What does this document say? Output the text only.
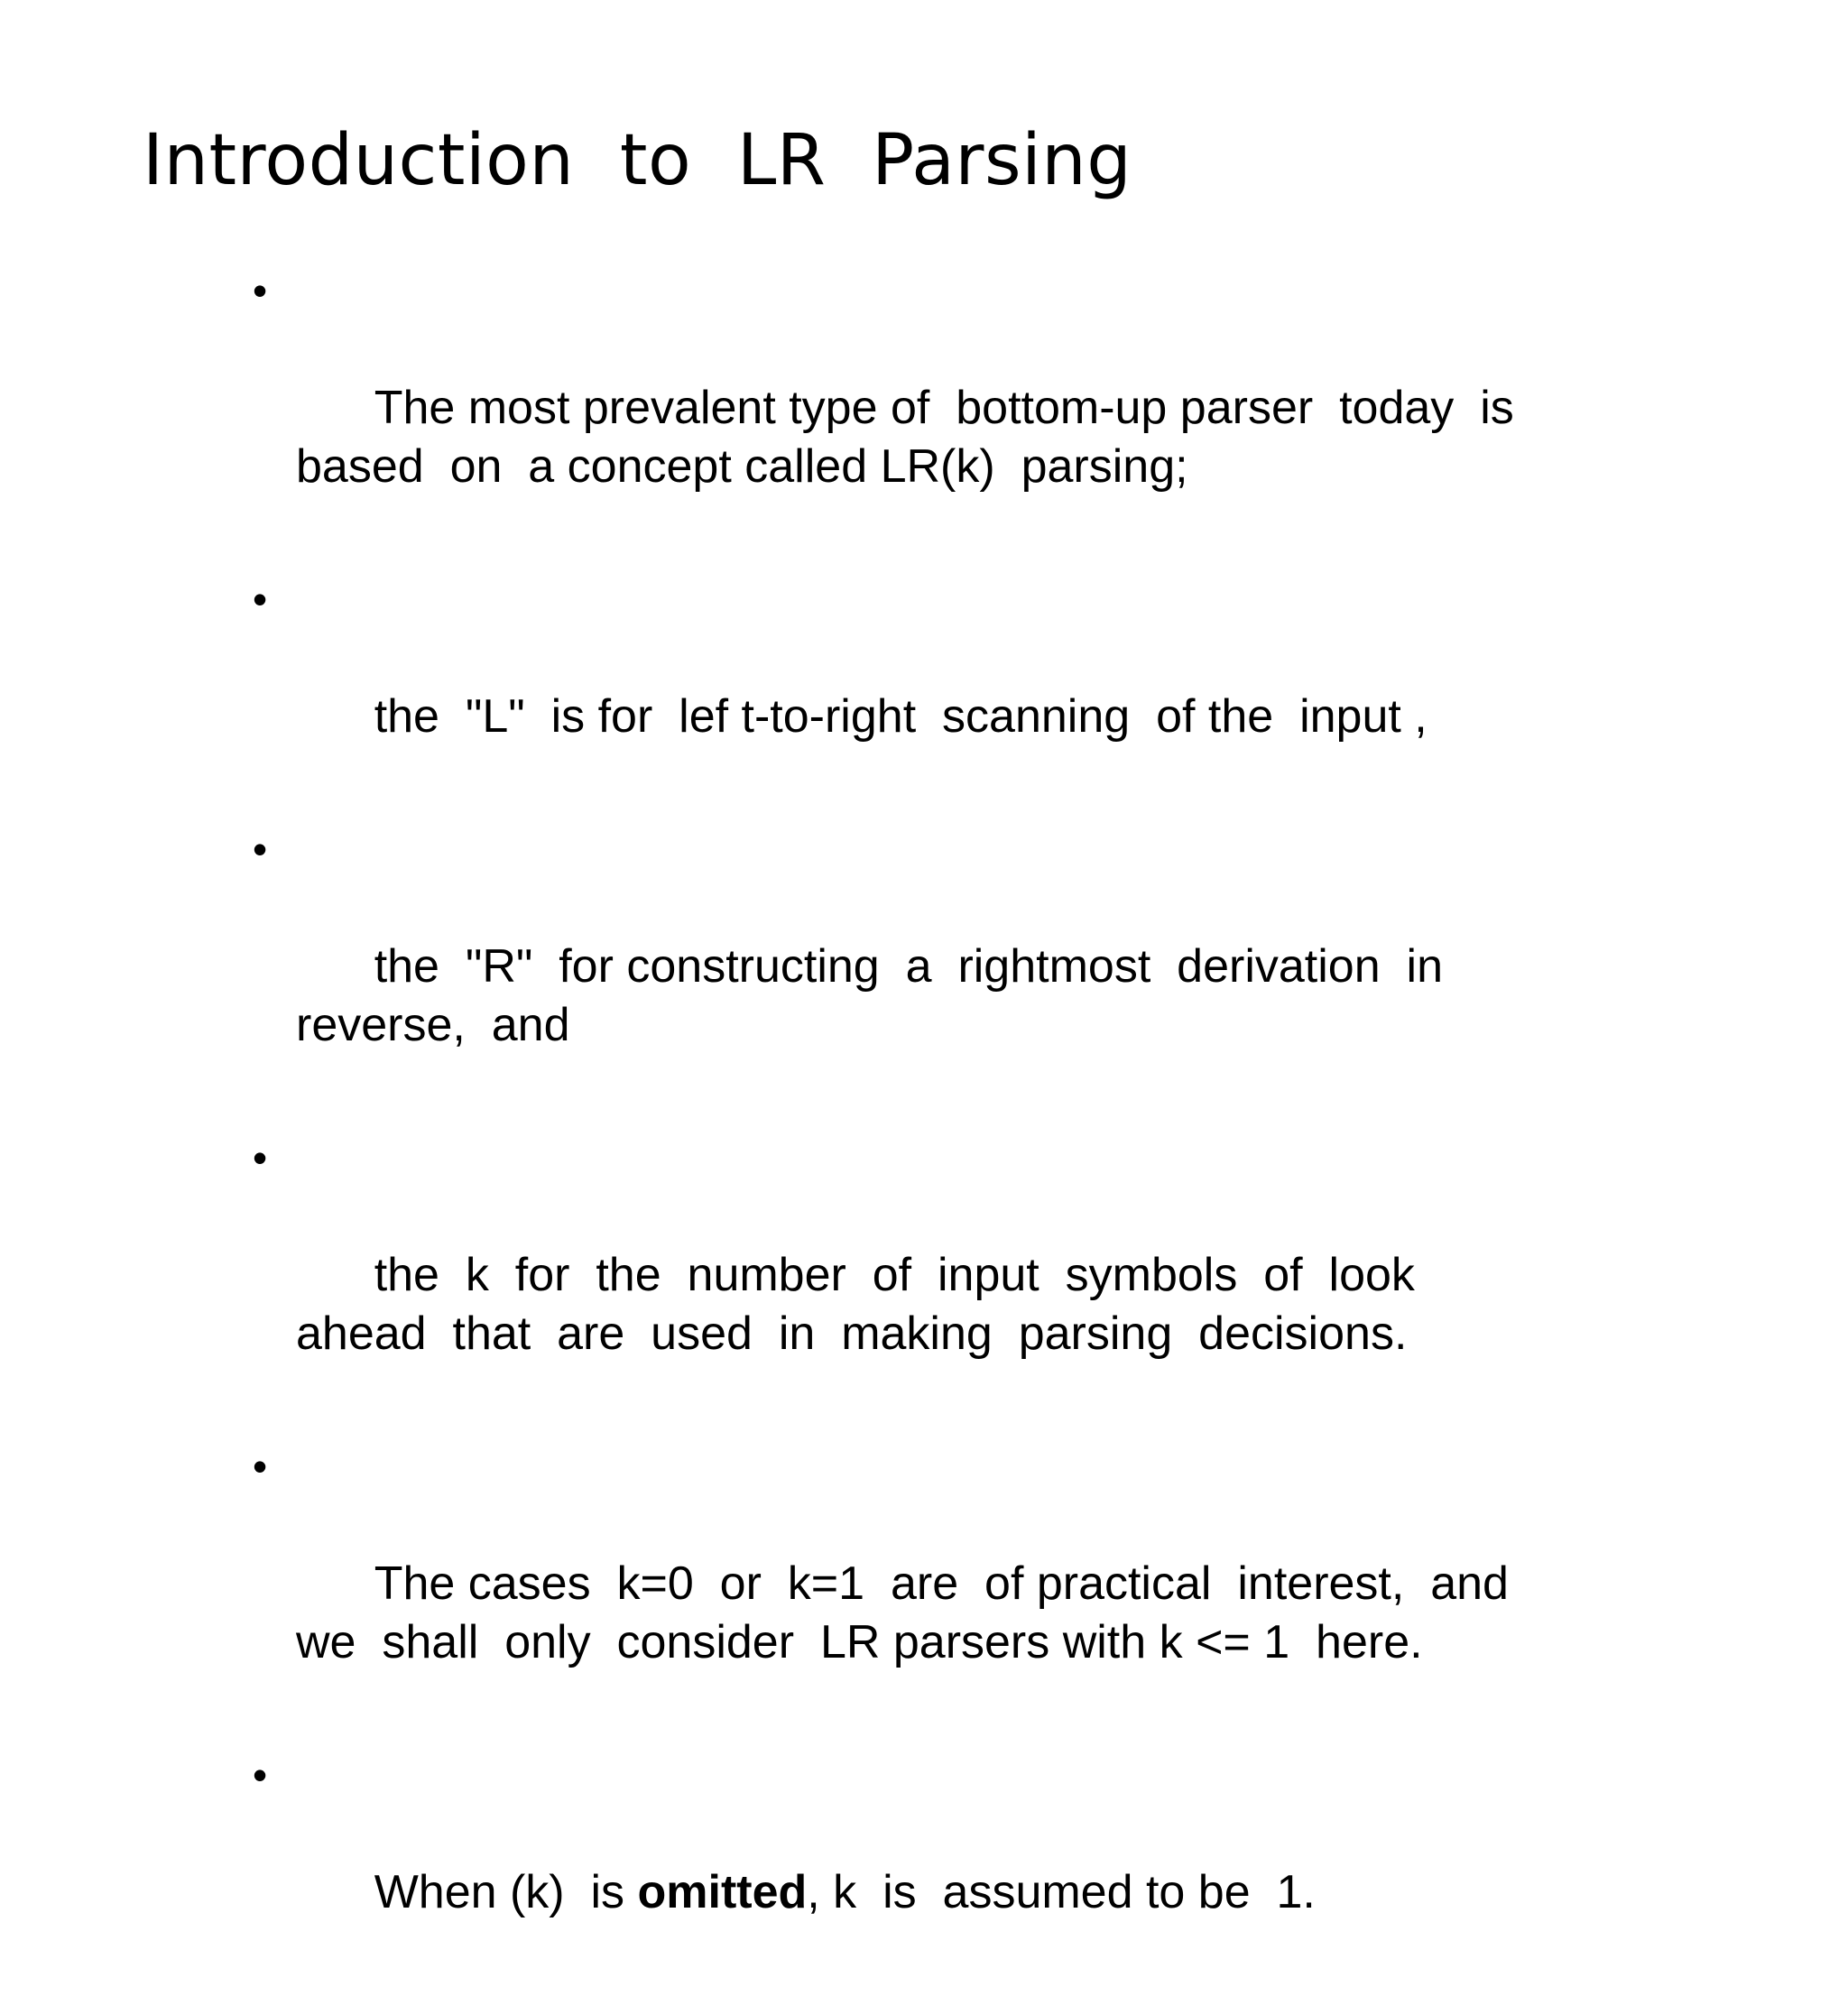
Introduction  to  LR  Parsing

•

The most prevalent type of  bottom-up parser  today  is
based  on  a concept called LR(k)  parsing;

•

the  "L"  is for  lef t-to-right  scanning  of the  input ,

•

the  "R"  for constructing  a  rightmost  derivation  in
reverse,  and

•

the  k  for  the  number  of  input  symbols  of  look
ahead  that  are  used  in  making  parsing  decisions.

•

The cases  k=0  or  k=1  are  of practical  interest,  and
we  shall  only  consider  LR parsers with k <= 1  here.

•

When (k)  is omitted, k  is  assumed to be  1.
